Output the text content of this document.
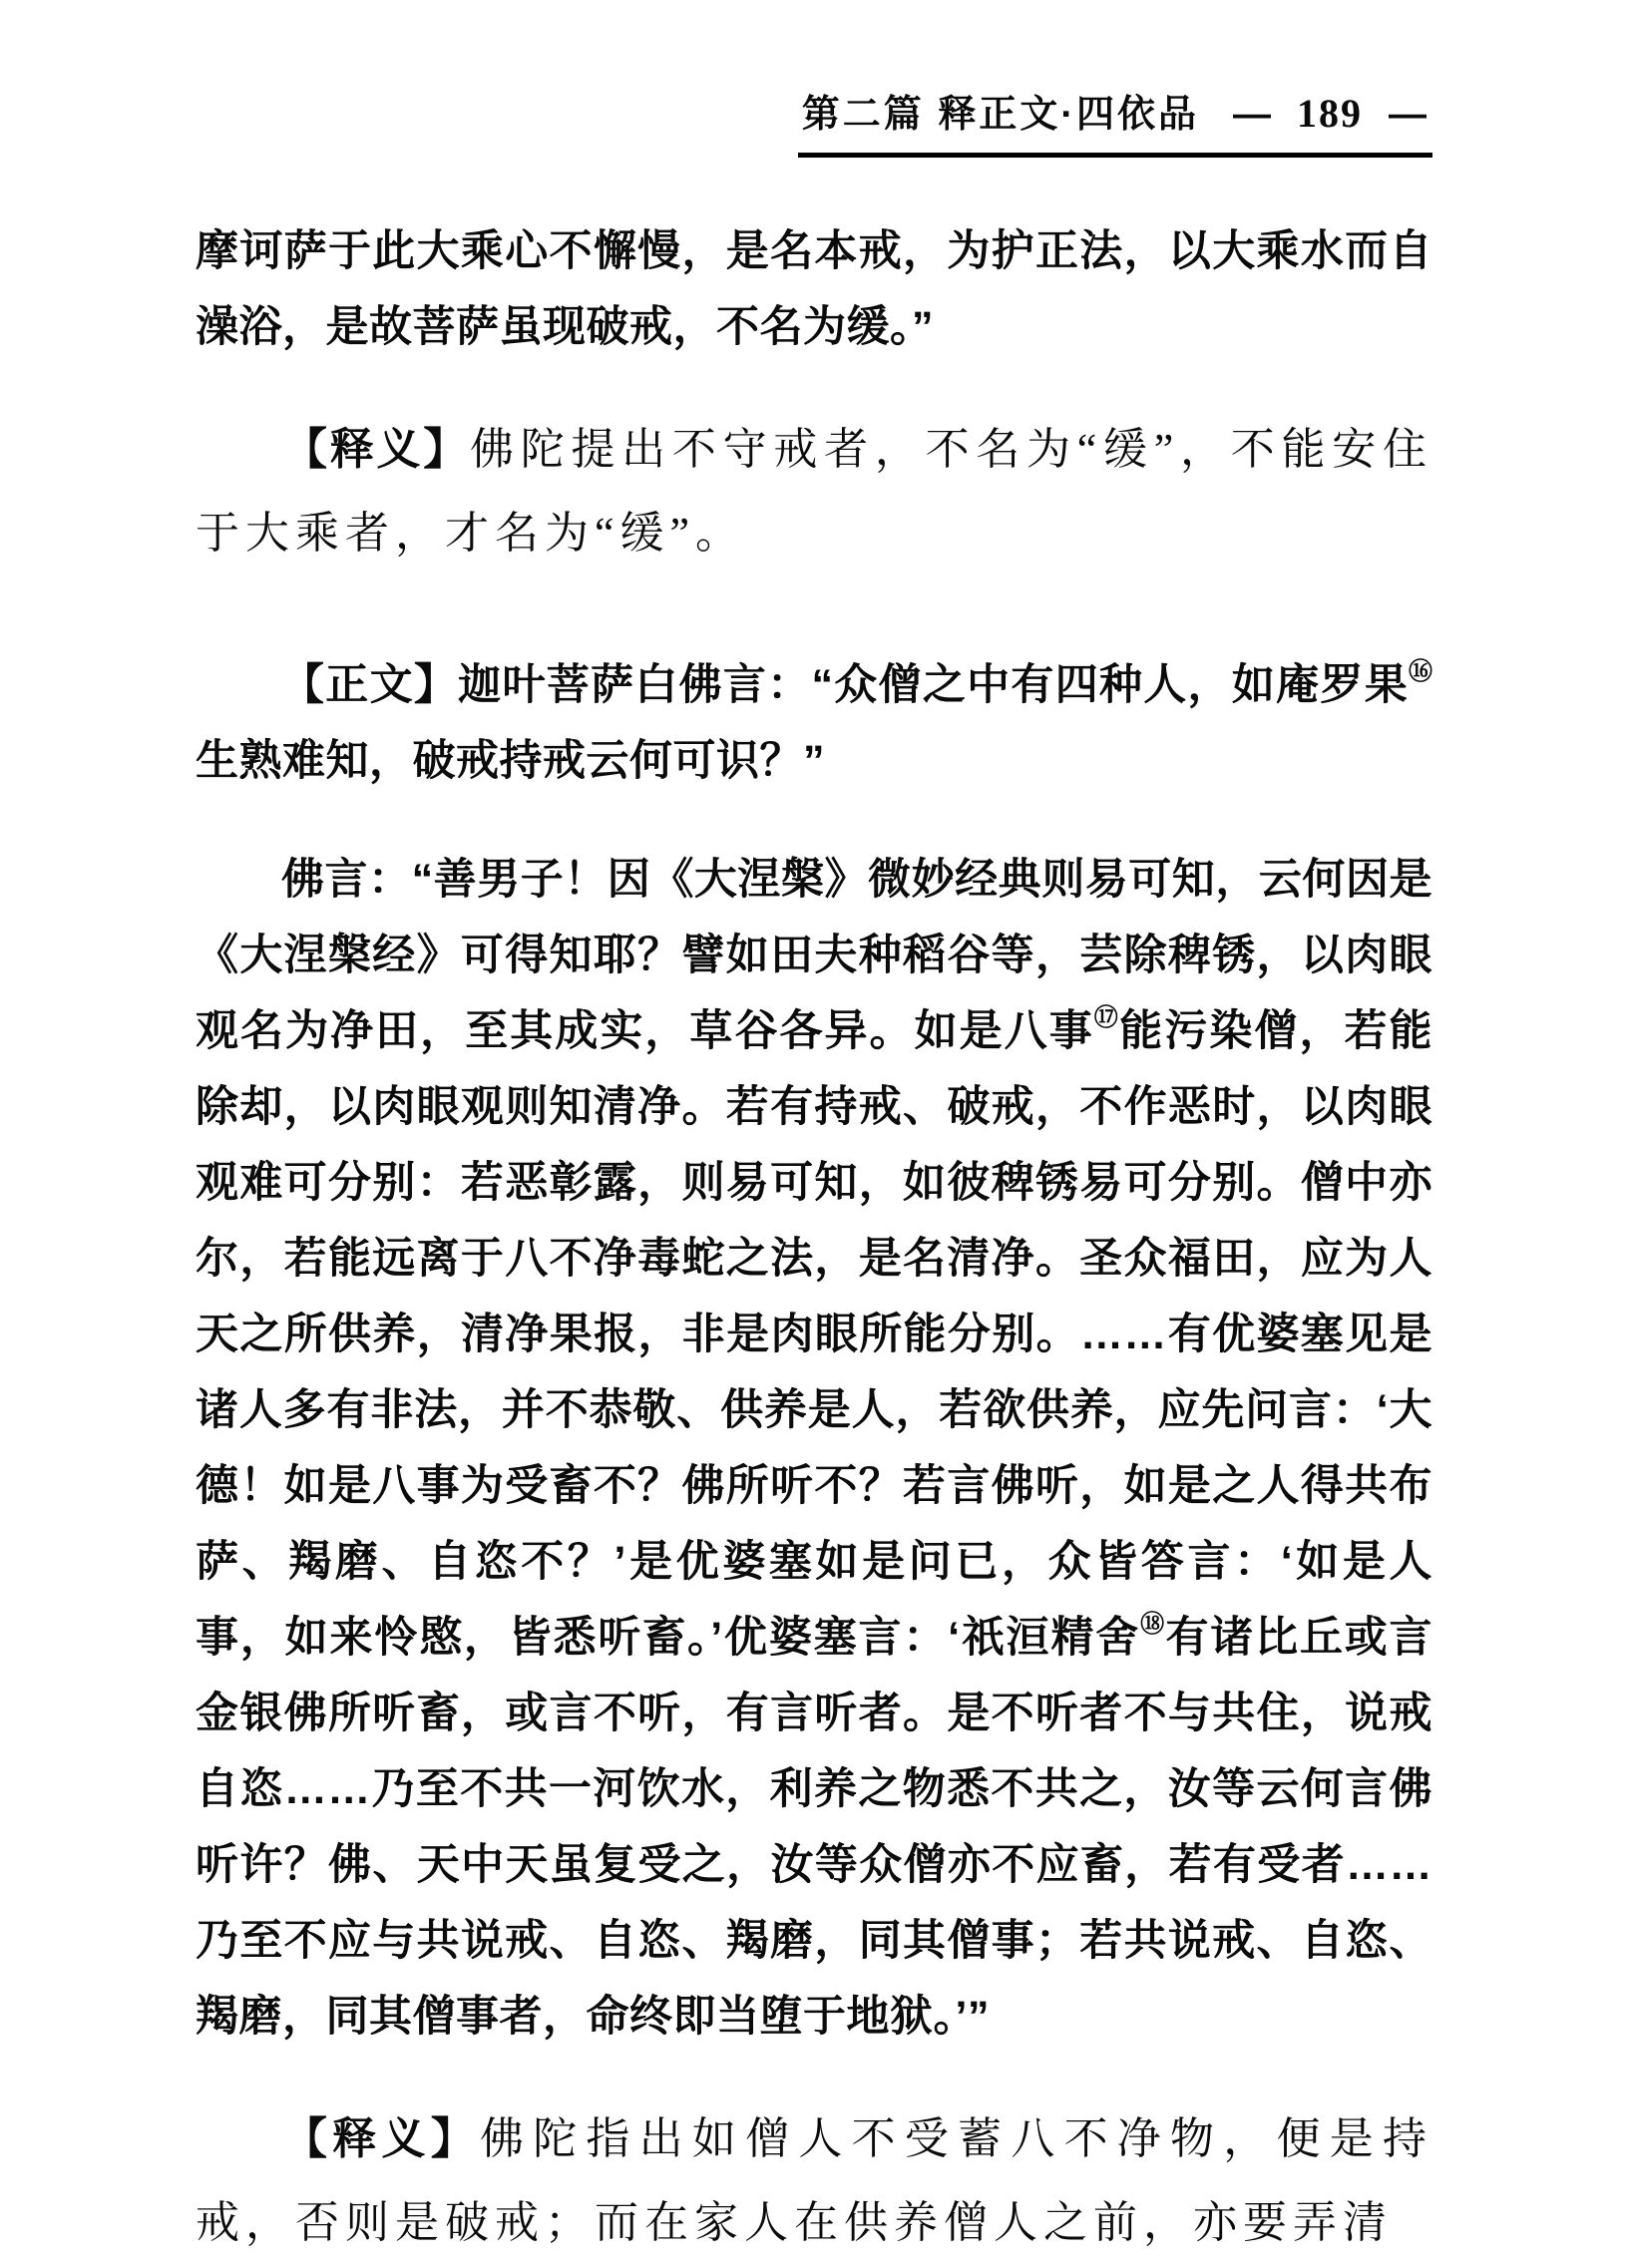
第二篇 释正文·四依品 — 189 —

摩诃萨于此大乘心不懈慢，是名本戒，为护正法，以大乘水而自澡浴，是故菩萨虽现破戒，不名为缓。”

【释义】佛陀提出不守戒者，不名为“缓”，不能安住于大乘者，才名为“缓”。

【正文】迦叶菩萨白佛言：“众僧之中有四种人，如庵罗果⑯生熟难知，破戒持戒云何可识？”

佛言：“善男子！因《大涅槃》微妙经典则易可知，云何因是《大涅槃经》可得知耶？譬如田夫种稻谷等，芸除稗锈，以肉眼观名为净田，至其成实，草谷各异。如是八事⑰能污染僧，若能除却，以肉眼观则知清净。若有持戒、破戒，不作恶时，以肉眼观难可分别：若恶彰露，则易可知，如彼稗锈易可分别。僧中亦尔，若能远离于八不净毒蛇之法，是名清净。圣众福田，应为人天之所供养，清净果报，非是肉眼所能分别。……有优婆塞见是诸人多有非法，并不恭敬、供养是人，若欲供养，应先问言：‘大德！如是八事为受畜不？佛所听不？若言佛听，如是之人得共布萨、羯磨、自恣不？’是优婆塞如是问已，众皆答言：‘如是人事，如来怜愍，皆悉听畜。’优婆塞言：‘祇洹精舍⑱有诸比丘或言金银佛所听畜，或言不听，有言听者。是不听者不与共住，说戒自恣……乃至不共一河饮水，利养之物悉不共之，汝等云何言佛听许？佛、天中天虽复受之，汝等众僧亦不应畜，若有受者……乃至不应与共说戒、自恣、羯磨，同其僧事；若共说戒、自恣、羯磨，同其僧事者，命终即当堕于地狱。’”

【释义】佛陀指出如僧人不受蓄八不净物，便是持戒，否则是破戒；而在家人在供养僧人之前，亦要弄清
